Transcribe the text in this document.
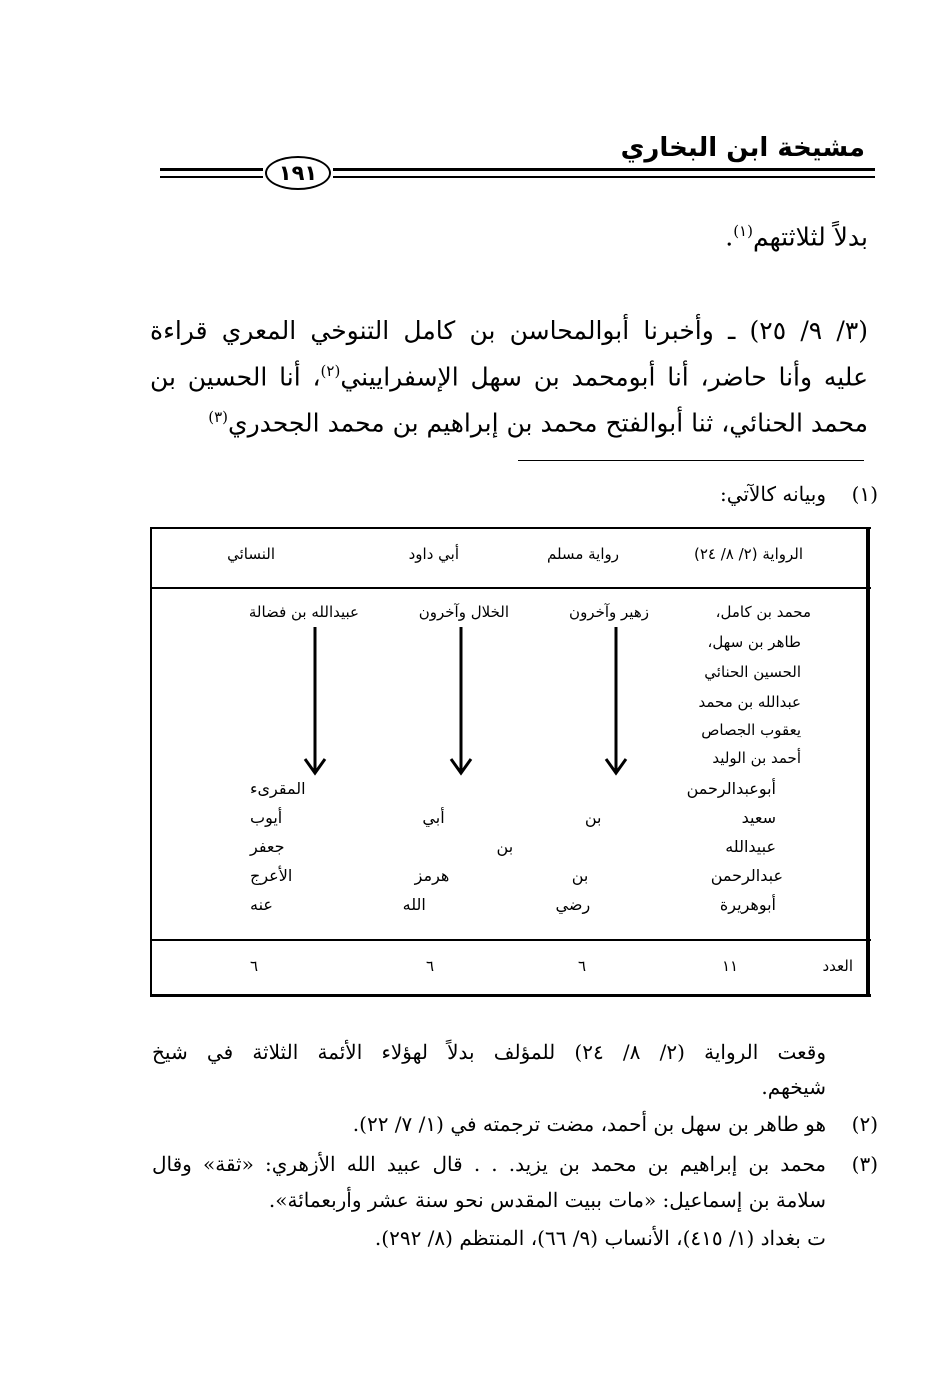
مشيخة ابن البخاري
١٩١
بدلاً لثلاثتهم$^{(١)}$.
(٣/ ٩/ ٢٥) ـ وأخبرنا أبوالمحاسن بن كامل التنوخي المعري قراءة
عليه وأنا حاضر، أنا أبومحمد بن سهل الإسفراييني$^{(٢)}$، أنا الحسين بن
محمد الحنائي، ثنا أبوالفتح محمد بن إبراهيم بن محمد الجحدري$^{(٣)}$
(١)
وبيانه كالآتي:
الرواية (٢/ ٨/ ٢٤)
رواية مسلم
أبي داود
النسائي
زهير وآخرون
الخلال وآخرون
عبيدالله بن فضالة	محمد بن كامل،
طاهر بن سهل،
الحسين الحنائي
عبدالله بن محمد
يعقوب الجصاص
أحمد بن الوليد
أبوعبدالرحمن المقرىء
سعيد بن أبي أيوب
عبيدالله بن جعفر
عبدالرحمن بن هرمز الأعرج
أبوهريرة رضي الله عنه
العدد
١١
٦
٦
٦
وقعت الرواية (٢/ ٨/ ٢٤) للمؤلف بدلاً لهؤلاء الأئمة الثلاثة في شيخ
شيخهم.
(٢)
هو طاهر بن سهل بن أحمد، مضت ترجمته في (١/ ٧/ ٢٢).
(٣)
محمد بن إبراهيم بن محمد بن يزيد. . . قال عبيد الله الأزهري: «ثقة» وقال
سلامة بن إسماعيل: «مات ببيت المقدس نحو سنة عشر وأربعمائة».
ت بغداد (١/ ٤١٥)، الأنساب (٩/ ٦٦)، المنتظم (٨/ ٢٩٢).
